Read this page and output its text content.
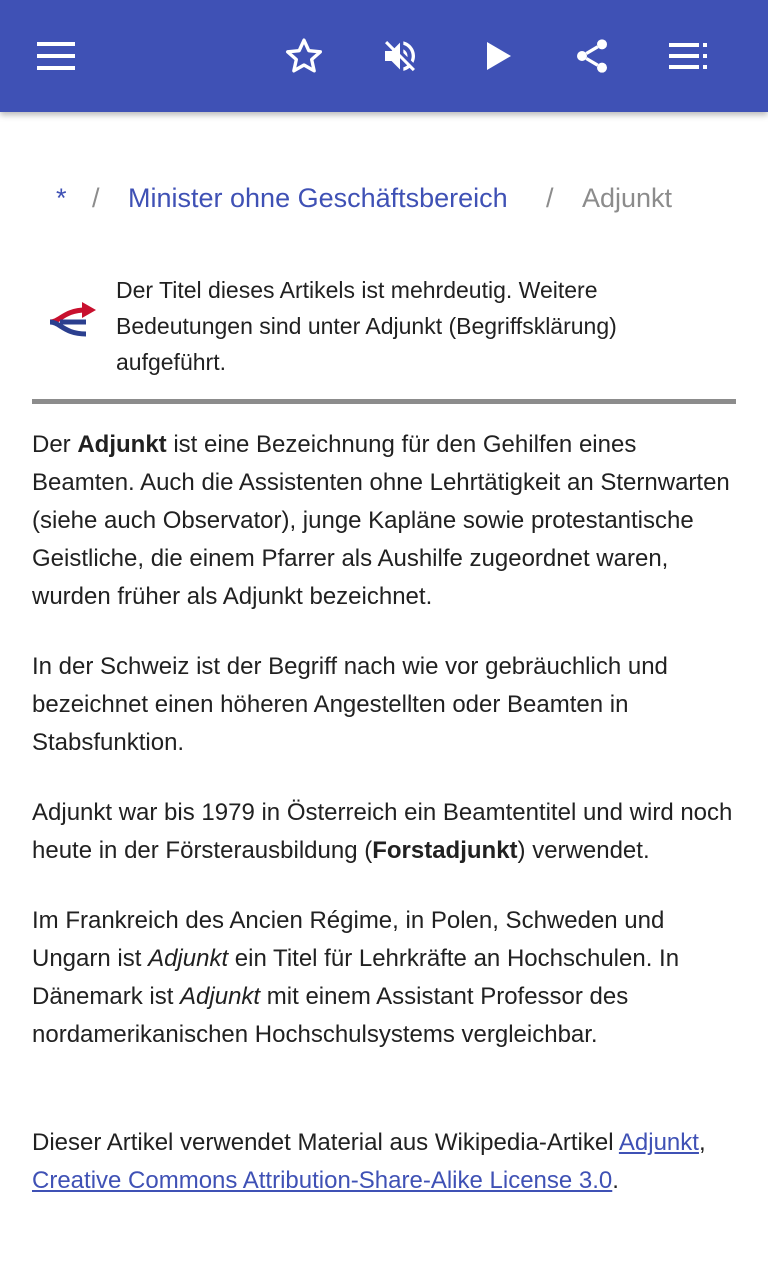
* / Minister ohne Geschäftsbereich / Adjunkt
Der Titel dieses Artikels ist mehrdeutig. Weitere Bedeutungen sind unter Adjunkt (Begriffsklärung) aufgeführt.

Der Adjunkt ist eine Bezeichnung für den Gehilfen eines Beamten. Auch die Assistenten ohne Lehrtätigkeit an Sternwarten (siehe auch Observator), junge Kapläne sowie protestantische Geistliche, die einem Pfarrer als Aushilfe zugeordnet waren, wurden früher als Adjunkt bezeichnet.

In der Schweiz ist der Begriff nach wie vor gebräuchlich und bezeichnet einen höheren Angestellten oder Beamten in Stabsfunktion.

Adjunkt war bis 1979 in Österreich ein Beamtentitel und wird noch heute in der Försterausbildung (Forstadjunkt) verwendet.

Im Frankreich des Ancien Régime, in Polen, Schweden und Ungarn ist Adjunkt ein Titel für Lehrkräfte an Hochschulen. In Dänemark ist Adjunkt mit einem Assistant Professor des nordamerikanischen Hochschulsystems vergleichbar.

Dieser Artikel verwendet Material aus Wikipedia-Artikel Adjunkt, Creative Commons Attribution-Share-Alike License 3.0.
